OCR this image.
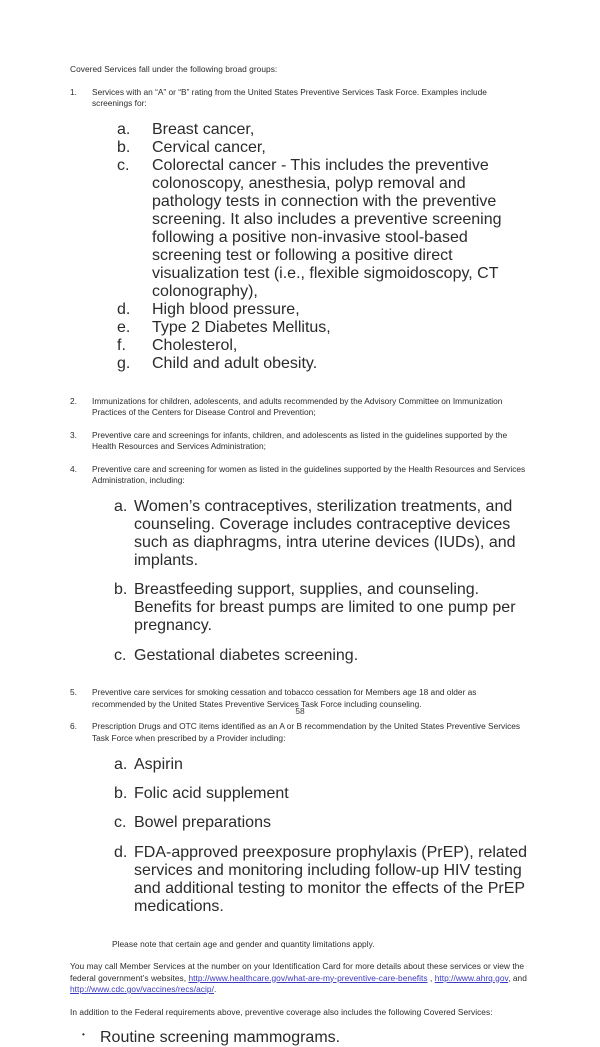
Covered Services fall under the following broad groups:

1.	Services with an “A” or “B” rating from the United States Preventive Services Task Force. Examples include screenings for:
a.	Breast cancer,
b.	Cervical cancer,
c.	Colorectal cancer - This includes the preventive colonoscopy, anesthesia, polyp removal and pathology tests in connection with the preventive screening. It also includes a preventive screening following a positive non-invasive stool-based screening test or following a positive direct visualization test (i.e., flexible sigmoidoscopy, CT colonography),
d.	High blood pressure,
e.	Type 2 Diabetes Mellitus,
f.	Cholesterol,
g.	Child and adult obesity.
2.	Immunizations for children, adolescents, and adults recommended by the Advisory Committee on Immunization Practices of the Centers for Disease Control and Prevention;
3.	Preventive care and screenings for infants, children, and adolescents as listed in the guidelines supported by the Health Resources and Services Administration;
4.	Preventive care and screening for women as listed in the guidelines supported by the Health Resources and Services Administration, including:
a. Women’s contraceptives, sterilization treatments, and counseling. Coverage includes contraceptive devices such as diaphragms, intra uterine devices (IUDs), and implants.
b. Breastfeeding support, supplies, and counseling. Benefits for breast pumps are limited to one pump per pregnancy.
c. Gestational diabetes screening.
5.	Preventive care services for smoking cessation and tobacco cessation for Members age 18 and older as recommended by the United States Preventive Services Task Force including counseling.
6.	Prescription Drugs and OTC items identified as an A or B recommendation by the United States Preventive Services Task Force when prescribed by a Provider including:
a. Aspirin
b. Folic acid supplement
c. Bowel preparations
d. FDA-approved preexposure prophylaxis (PrEP), related services and monitoring including follow-up HIV testing and additional testing to monitor the effects of the PrEP medications.

Please note that certain age and gender and quantity limitations apply.

You may call Member Services at the number on your Identification Card for more details about these services or view the federal government’s websites, http://www.healthcare.gov/what-are-my-preventive-care-benefits , http://www.ahrq.gov, and http://www.cdc.gov/vaccines/recs/acip/.

In addition to the Federal requirements above, preventive coverage also includes the following Covered Services:

• Routine screening mammograms.
58
